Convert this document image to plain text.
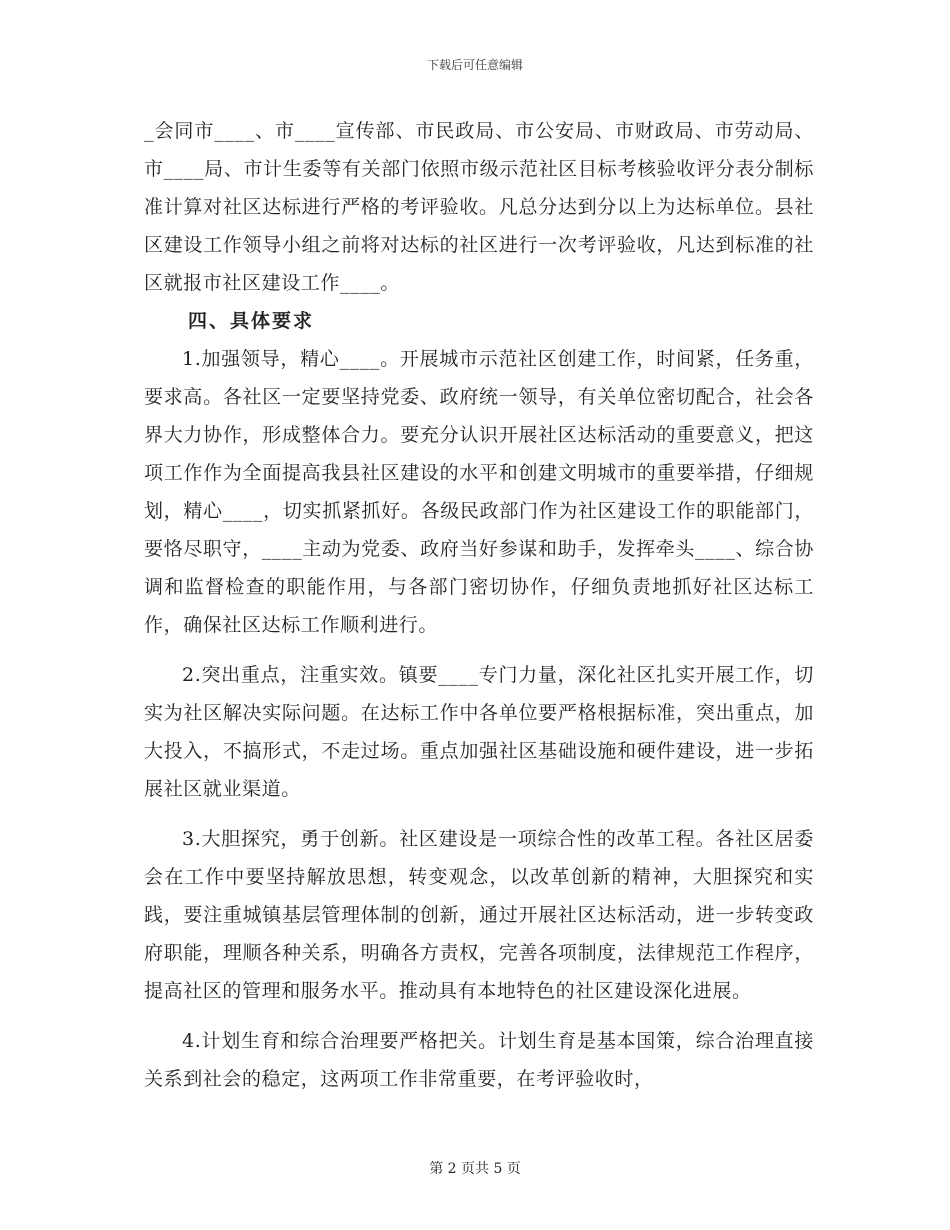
下载后可任意编辑

_会同市____、市____宣传部、市民政局、市公安局、市财政局、市劳动局、市____局、市计生委等有关部门依照市级示范社区目标考核验收评分表分制标准计算对社区达标进行严格的考评验收。凡总分达到分以上为达标单位。县社区建设工作领导小组之前将对达标的社区进行一次考评验收，凡达到标准的社区就报市社区建设工作____。

四、具体要求

1.加强领导，精心____。开展城市示范社区创建工作，时间紧，任务重，要求高。各社区一定要坚持党委、政府统一领导，有关单位密切配合，社会各界大力协作，形成整体合力。要充分认识开展社区达标活动的重要意义，把这项工作作为全面提高我县社区建设的水平和创建文明城市的重要举措，仔细规划，精心____，切实抓紧抓好。各级民政部门作为社区建设工作的职能部门，要恪尽职守，____主动为党委、政府当好参谋和助手，发挥牵头____、综合协调和监督检查的职能作用，与各部门密切协作，仔细负责地抓好社区达标工作，确保社区达标工作顺利进行。

2.突出重点，注重实效。镇要____专门力量，深化社区扎实开展工作，切实为社区解决实际问题。在达标工作中各单位要严格根据标准，突出重点，加大投入，不搞形式，不走过场。重点加强社区基础设施和硬件建设，进一步拓展社区就业渠道。

3.大胆探究，勇于创新。社区建设是一项综合性的改革工程。各社区居委会在工作中要坚持解放思想，转变观念，以改革创新的精神，大胆探究和实践，要注重城镇基层管理体制的创新，通过开展社区达标活动，进一步转变政府职能，理顺各种关系，明确各方责权，完善各项制度，法律规范工作程序，提高社区的管理和服务水平。推动具有本地特色的社区建设深化进展。

4.计划生育和综合治理要严格把关。计划生育是基本国策，综合治理直接关系到社会的稳定，这两项工作非常重要，在考评验收时，

第 2 页共 5 页
